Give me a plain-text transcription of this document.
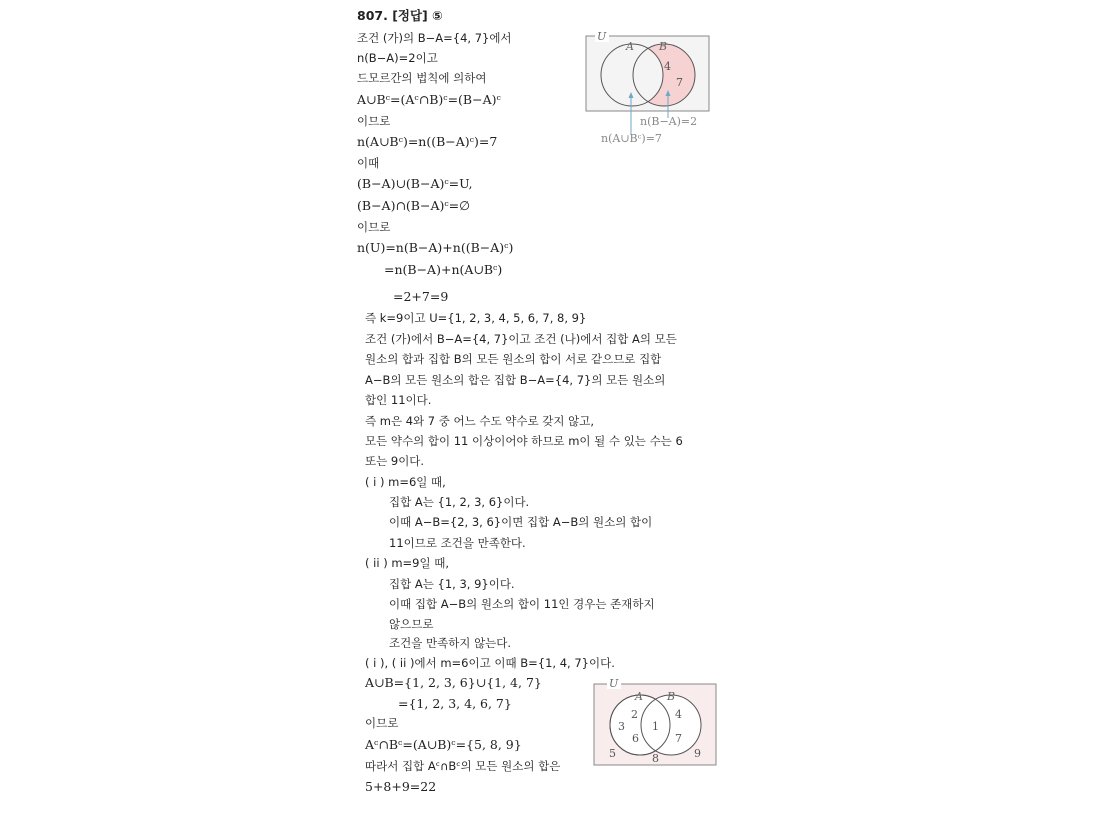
807. [정답] ⑤
조건 (가)의 B−A={4, 7}에서
n(B−A)=2이고
드모르간의 법칙에 의하여
A∪Bᶜ=(Aᶜ∩B)ᶜ=(B−A)ᶜ
이므로
n(A∪Bᶜ)=n((B−A)ᶜ)=7
이때
(B−A)∪(B−A)ᶜ=U,
(B−A)∩(B−A)ᶜ=∅
이므로
n(U)=n(B−A)+n((B−A)ᶜ)
=n(B−A)+n(A∪Bᶜ)
=2+7=9
즉 k=9이고 U={1, 2, 3, 4, 5, 6, 7, 8, 9}
조건 (가)에서 B−A={4, 7}이고 조건 (나)에서 집합 A의 모든
원소의 합과 집합 B의 모든 원소의 합이 서로 같으므로 집합
A−B의 모든 원소의 합은 집합 B−A={4, 7}의 모든 원소의
합인 11이다.
즉 m은 4와 7 중 어느 수도 약수로 갖지 않고,
모든 약수의 합이 11 이상이어야 하므로 m이 될 수 있는 수는 6
또는 9이다.
( i ) m=6일 때,
집합 A는 {1, 2, 3, 6}이다.
이때 A−B={2, 3, 6}이면 집합 A−B의 원소의 합이
11이므로 조건을 만족한다.
( ii ) m=9일 때,
집합 A는 {1, 3, 9}이다.
이때 집합 A−B의 원소의 합이 11인 경우는 존재하지
않으므로
조건을 만족하지 않는다.
( i ), ( ii )에서 m=6이고 이때 B={1, 4, 7}이다.
A∪B={1, 2, 3, 6}∪{1, 4, 7}
={1, 2, 3, 4, 6, 7}
이므로
Aᶜ∩Bᶜ=(A∪B)ᶜ={5, 8, 9}
따라서 집합 Aᶜ∩Bᶜ의 모든 원소의 합은
5+8+9=22
U
A B
4
7
n(B−A)=2
n(A∪Bᶜ)=7
U
A B
2
3
6
1
4
7
5	8	9
